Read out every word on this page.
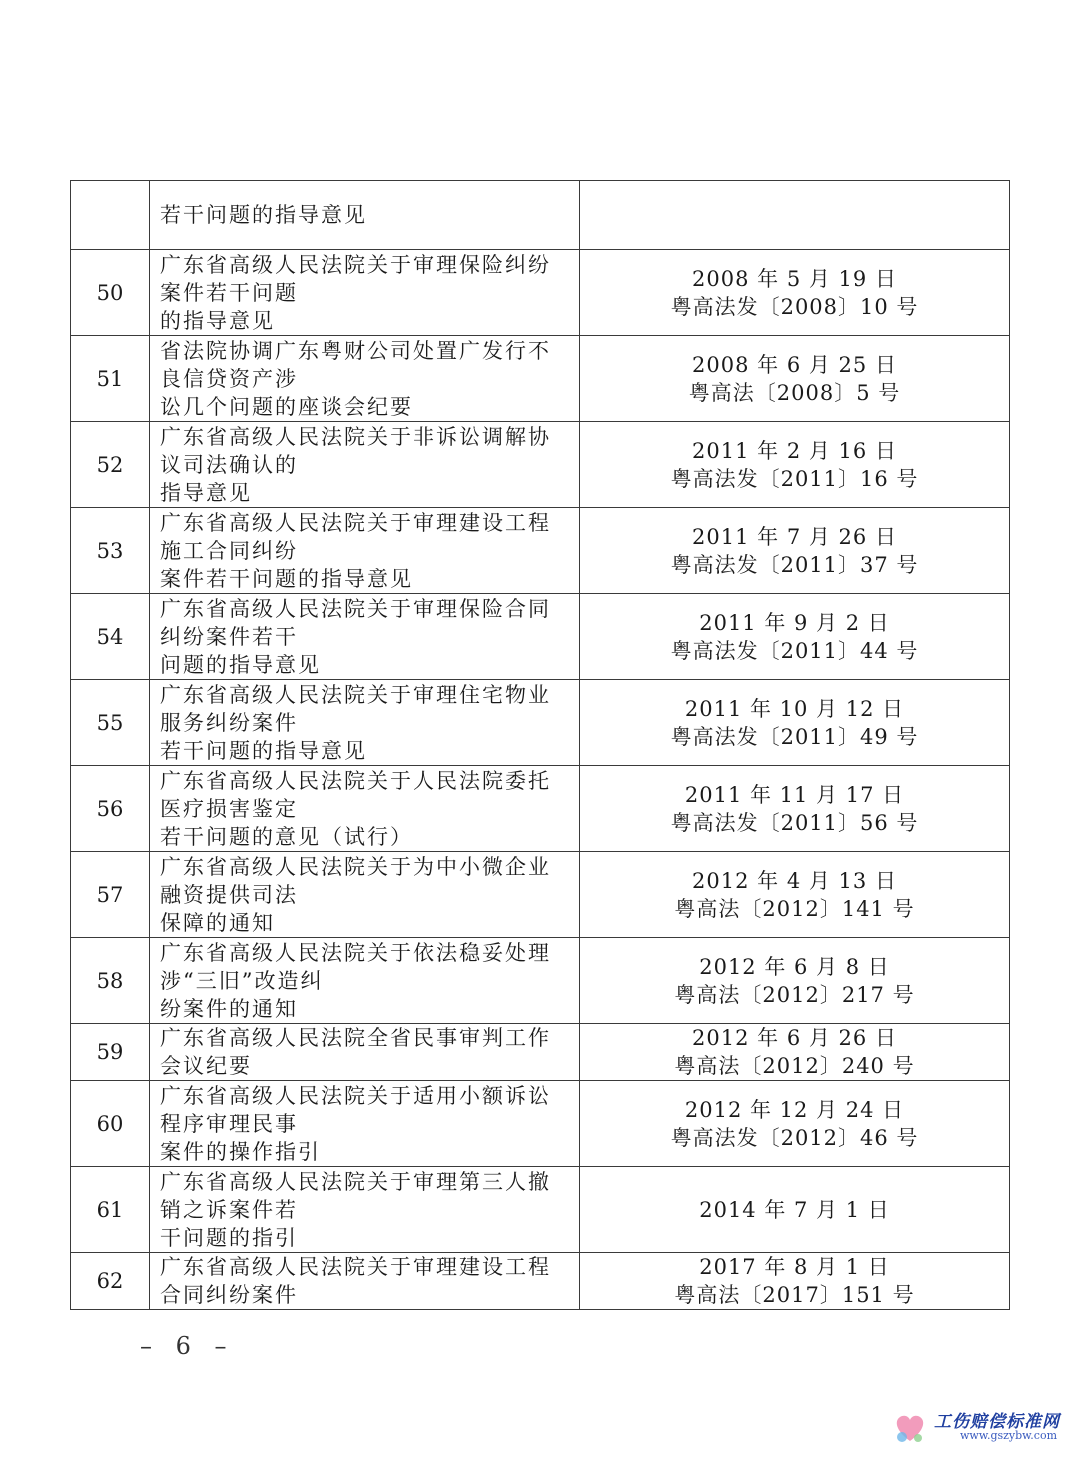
	若干问题的指导意见	

50	广东省高级人民法院关于审理保险纠纷案件若干问题
的指导意见	2008 年 5 月 19 日
粤高法发〔2008〕10 号

51	省法院协调广东粤财公司处置广发行不良信贷资产涉
讼几个问题的座谈会纪要	2008 年 6 月 25 日
粤高法〔2008〕5 号

52	广东省高级人民法院关于非诉讼调解协议司法确认的
指导意见	2011 年 2 月 16 日
粤高法发〔2011〕16 号

53	广东省高级人民法院关于审理建设工程施工合同纠纷
案件若干问题的指导意见	2011 年 7 月 26 日
粤高法发〔2011〕37 号

54	广东省高级人民法院关于审理保险合同纠纷案件若干
问题的指导意见	2011 年 9 月 2 日
粤高法发〔2011〕44 号

55	广东省高级人民法院关于审理住宅物业服务纠纷案件
若干问题的指导意见	2011 年 10 月 12 日
粤高法发〔2011〕49 号

56	广东省高级人民法院关于人民法院委托医疗损害鉴定
若干问题的意见（试行）	2011 年 11 月 17 日
粤高法发〔2011〕56 号

57	广东省高级人民法院关于为中小微企业融资提供司法
保障的通知	2012 年 4 月 13 日
粤高法〔2012〕141 号

58	广东省高级人民法院关于依法稳妥处理涉“三旧”改造纠
纷案件的通知	2012 年 6 月 8 日
粤高法〔2012〕217 号

59	广东省高级人民法院全省民事审判工作会议纪要	2012 年 6 月 26 日
粤高法〔2012〕240 号

60	广东省高级人民法院关于适用小额诉讼程序审理民事
案件的操作指引	2012 年 12 月 24 日
粤高法发〔2012〕46 号

61	广东省高级人民法院关于审理第三人撤销之诉案件若
干问题的指引	2014 年 7 月 1 日

62	广东省高级人民法院关于审理建设工程合同纠纷案件	2017 年 8 月 1 日
粤高法〔2017〕151 号
– 6 –
工伤赔偿标准网
www.gszybw.com
